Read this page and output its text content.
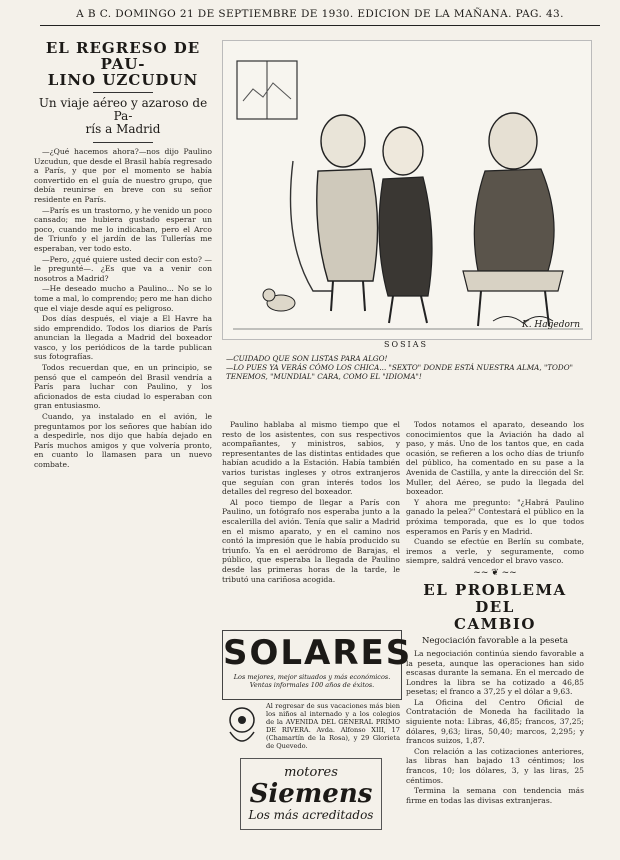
A B C. DOMINGO 21 DE SEPTIEMBRE DE 1930. EDICION DE LA MAÑANA. PAG. 43.
EL REGRESO DE PAU-
LINO UZCUDUN
Un viaje aéreo y azaroso de Pa-
rís a Madrid

—¿Qué hacemos ahora?—nos dijo Paulino Uzcudun, que desde el Brasil había regresado a París, y que por el momento se había convertido en el guía de nuestro grupo, que debía reunirse en breve con su señor residente en París.

—París es un trastorno, y he venido un poco cansado; me hubiera gustado esperar un poco, cuando me lo indicaban, pero el Arco de Triunfo y el jardín de las Tullerías me esperaban, ver todo esto.

—Pero, ¿qué quiere usted decir con esto? —le pregunté—. ¿Es que va a venir con nosotros a Madrid?

—He deseado mucho a Paulino... No se lo tome a mal, lo comprendo; pero me han dicho que el viaje desde aquí es peligroso.

Dos días después, el viaje a El Havre ha sido emprendido. Todos los diarios de París anuncian la llegada a Madrid del boxeador vasco, y los periódicos de la tarde publican sus fotografías.

Todos recuerdan que, en un principio, se pensó que el campeón del Brasil vendría a París para luchar con Paulino, y los aficionados de esta ciudad lo esperaban con gran entusiasmo.

Cuando, ya instalado en el avión, le preguntamos por los señores que habían ido a despedirle, nos dijo que había dejado en París muchos amigos y que volvería pronto, en cuanto lo llamasen para un nuevo combate.

SOSIAS
—CUIDADO QUE SON LISTAS PARA ALGO!
—LO PUES YA VERÁS CÓMO LOS CHICA... "SEXTO" DONDE ESTÁ NUESTRA ALMA, "TODO"
TENEMOS, "MUNDIAL" CARA, COMO EL "IDIOMA"!
K. Hagedorn

Paulino hablaba al mismo tiempo que el resto de los asistentes, con sus respectivos acompañantes, y ministros, sabios, y representantes de las distintas entidades que habían acudido a la Estación. Había también varios turistas ingleses y otros extranjeros que seguían con gran interés todos los detalles del regreso del boxeador.

Al poco tiempo de llegar a París con Paulino, un fotógrafo nos esperaba junto a la escalerilla del avión. Tenía que salir a Madrid en el mismo aparato, y en el camino nos contó la impresión que le había producido su triunfo. Ya en el aeródromo de Barajas, el público, que esperaba la llegada de Paulino desde las primeras horas de la tarde, le tributó una cariñosa acogida.

SOLARES
Los mejores, mejor situados y más económicos.
Ventas informales 100 años de éxitos.
Al regresar de sus vacaciones más bien los niños al internado y a los colegios de la AVENIDA DEL GENERAL PRIMO DE RIVERA. Avda. Alfonso XIII, 17 (Chamartín de la Rosa), y 29 Glorieta de Quevedo.
motores
Siemens
Los más acreditados

Todos notamos el aparato, deseando los conocimientos que la Aviación ha dado al paso, y más. Uno de los tantos que, en cada ocasión, se refieren a los ocho días de triunfo del público, ha comentado en su pase a la Avenida de Castilla, y ante la dirección del Sr. Muller, del Aéreo, se pudo la llegada del boxeador.

Y ahora me pregunto: "¿Habrá Paulino ganado la pelea?" Contestará el público en la próxima temporada, que es lo que todos esperamos en París y en Madrid.

Cuando se efectúe en Berlín su combate, iremos a verle, y seguramente, como siempre, saldrá vencedor el bravo vasco.

~~ ❦ ~~
EL PROBLEMA DEL
CAMBIO
Negociación favorable a la peseta

La negociación continúa siendo favorable a la peseta, aunque las operaciones han sido escasas durante la semana. En el mercado de Londres la libra se ha cotizado a 46,85 pesetas; el franco a 37,25 y el dólar a 9,63.

La Oficina del Centro Oficial de Contratación de Moneda ha facilitado la siguiente nota: Libras, 46,85; francos, 37,25; dólares, 9,63; liras, 50,40; marcos, 2,295; y francos suizos, 1,87.

Con relación a las cotizaciones anteriores, las libras han bajado 13 céntimos; los francos, 10; los dólares, 3, y las liras, 25 céntimos.

Termina la semana con tendencia más firme en todas las divisas extranjeras.
